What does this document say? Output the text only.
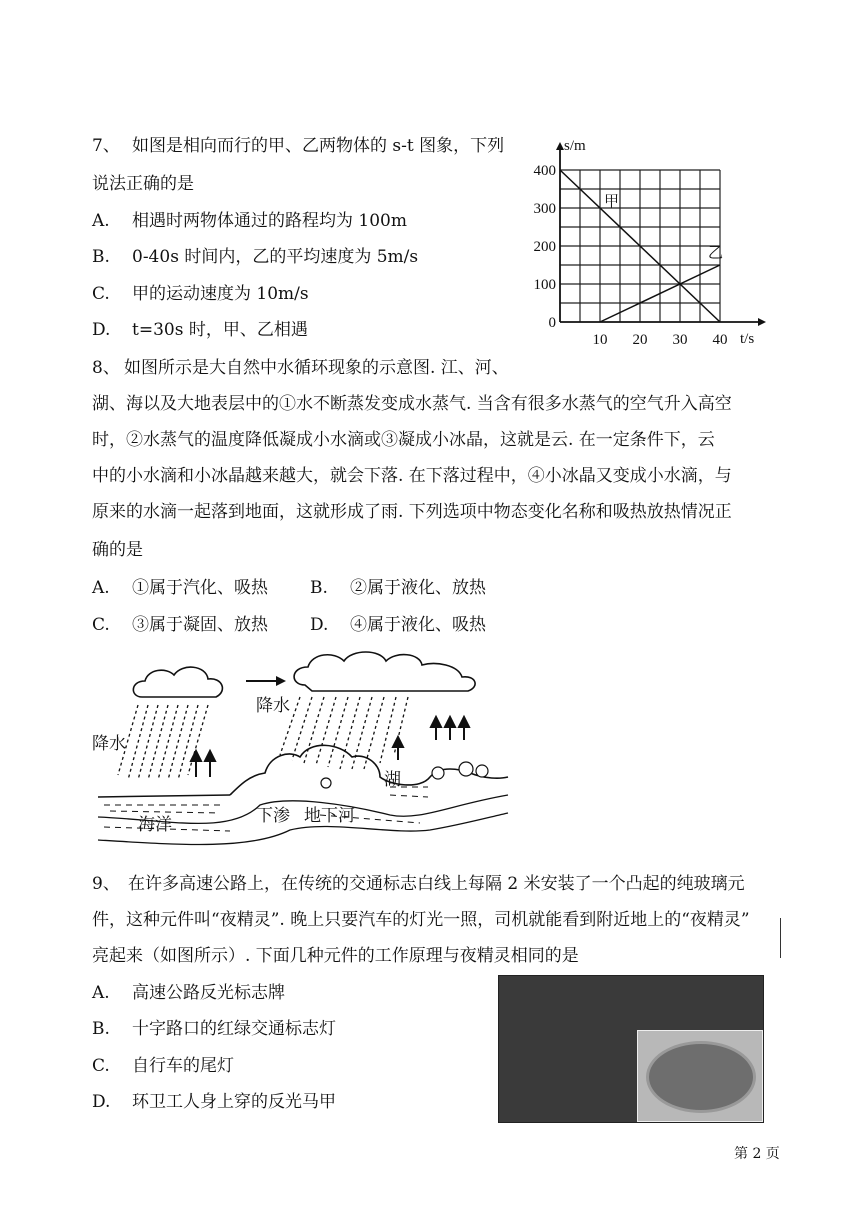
7、 如图是相向而行的甲、乙两物体的 s-t 图象，下列
说法正确的是
A. 相遇时两物体通过的路程均为 100m
B. 0-40s 时间内，乙的平均速度为 5m/s
C. 甲的运动速度为 10m/s
D. t=30s 时，甲、乙相遇	0
100
200
300
400
10 20 30 40
甲
乙
s/m
t/s
8、 如图所示是大自然中水循环现象的示意图. 江、河、
湖、海以及大地表层中的①水不断蒸发变成水蒸气. 当含有很多水蒸气的空气升入高空
时，②水蒸气的温度降低凝成小水滴或③凝成小冰晶，这就是云. 在一定条件下，云
中的小水滴和小冰晶越来越大，就会下落. 在下落过程中，④小冰晶又变成小水滴，与
原来的水滴一起落到地面，这就形成了雨. 下列选项中物态变化名称和吸热放热情况正
确的是
A. ①属于汽化、吸热 B. ②属于液化、放热
C. ③属于凝固、放热 D. ④属于液化、吸热
降水
降水
海洋	下渗 地下河
湖
9、 在许多高速公路上，在传统的交通标志白线上每隔 2 米安装了一个凸起的纯玻璃元
件，这种元件叫“夜精灵”. 晚上只要汽车的灯光一照，司机就能看到附近地上的“夜精灵”
亮起来（如图所示）. 下面几种元件的工作原理与夜精灵相同的是
A. 高速公路反光标志牌
B. 十字路口的红绿交通标志灯
C. 自行车的尾灯
D. 环卫工人身上穿的反光马甲
第 2 页
